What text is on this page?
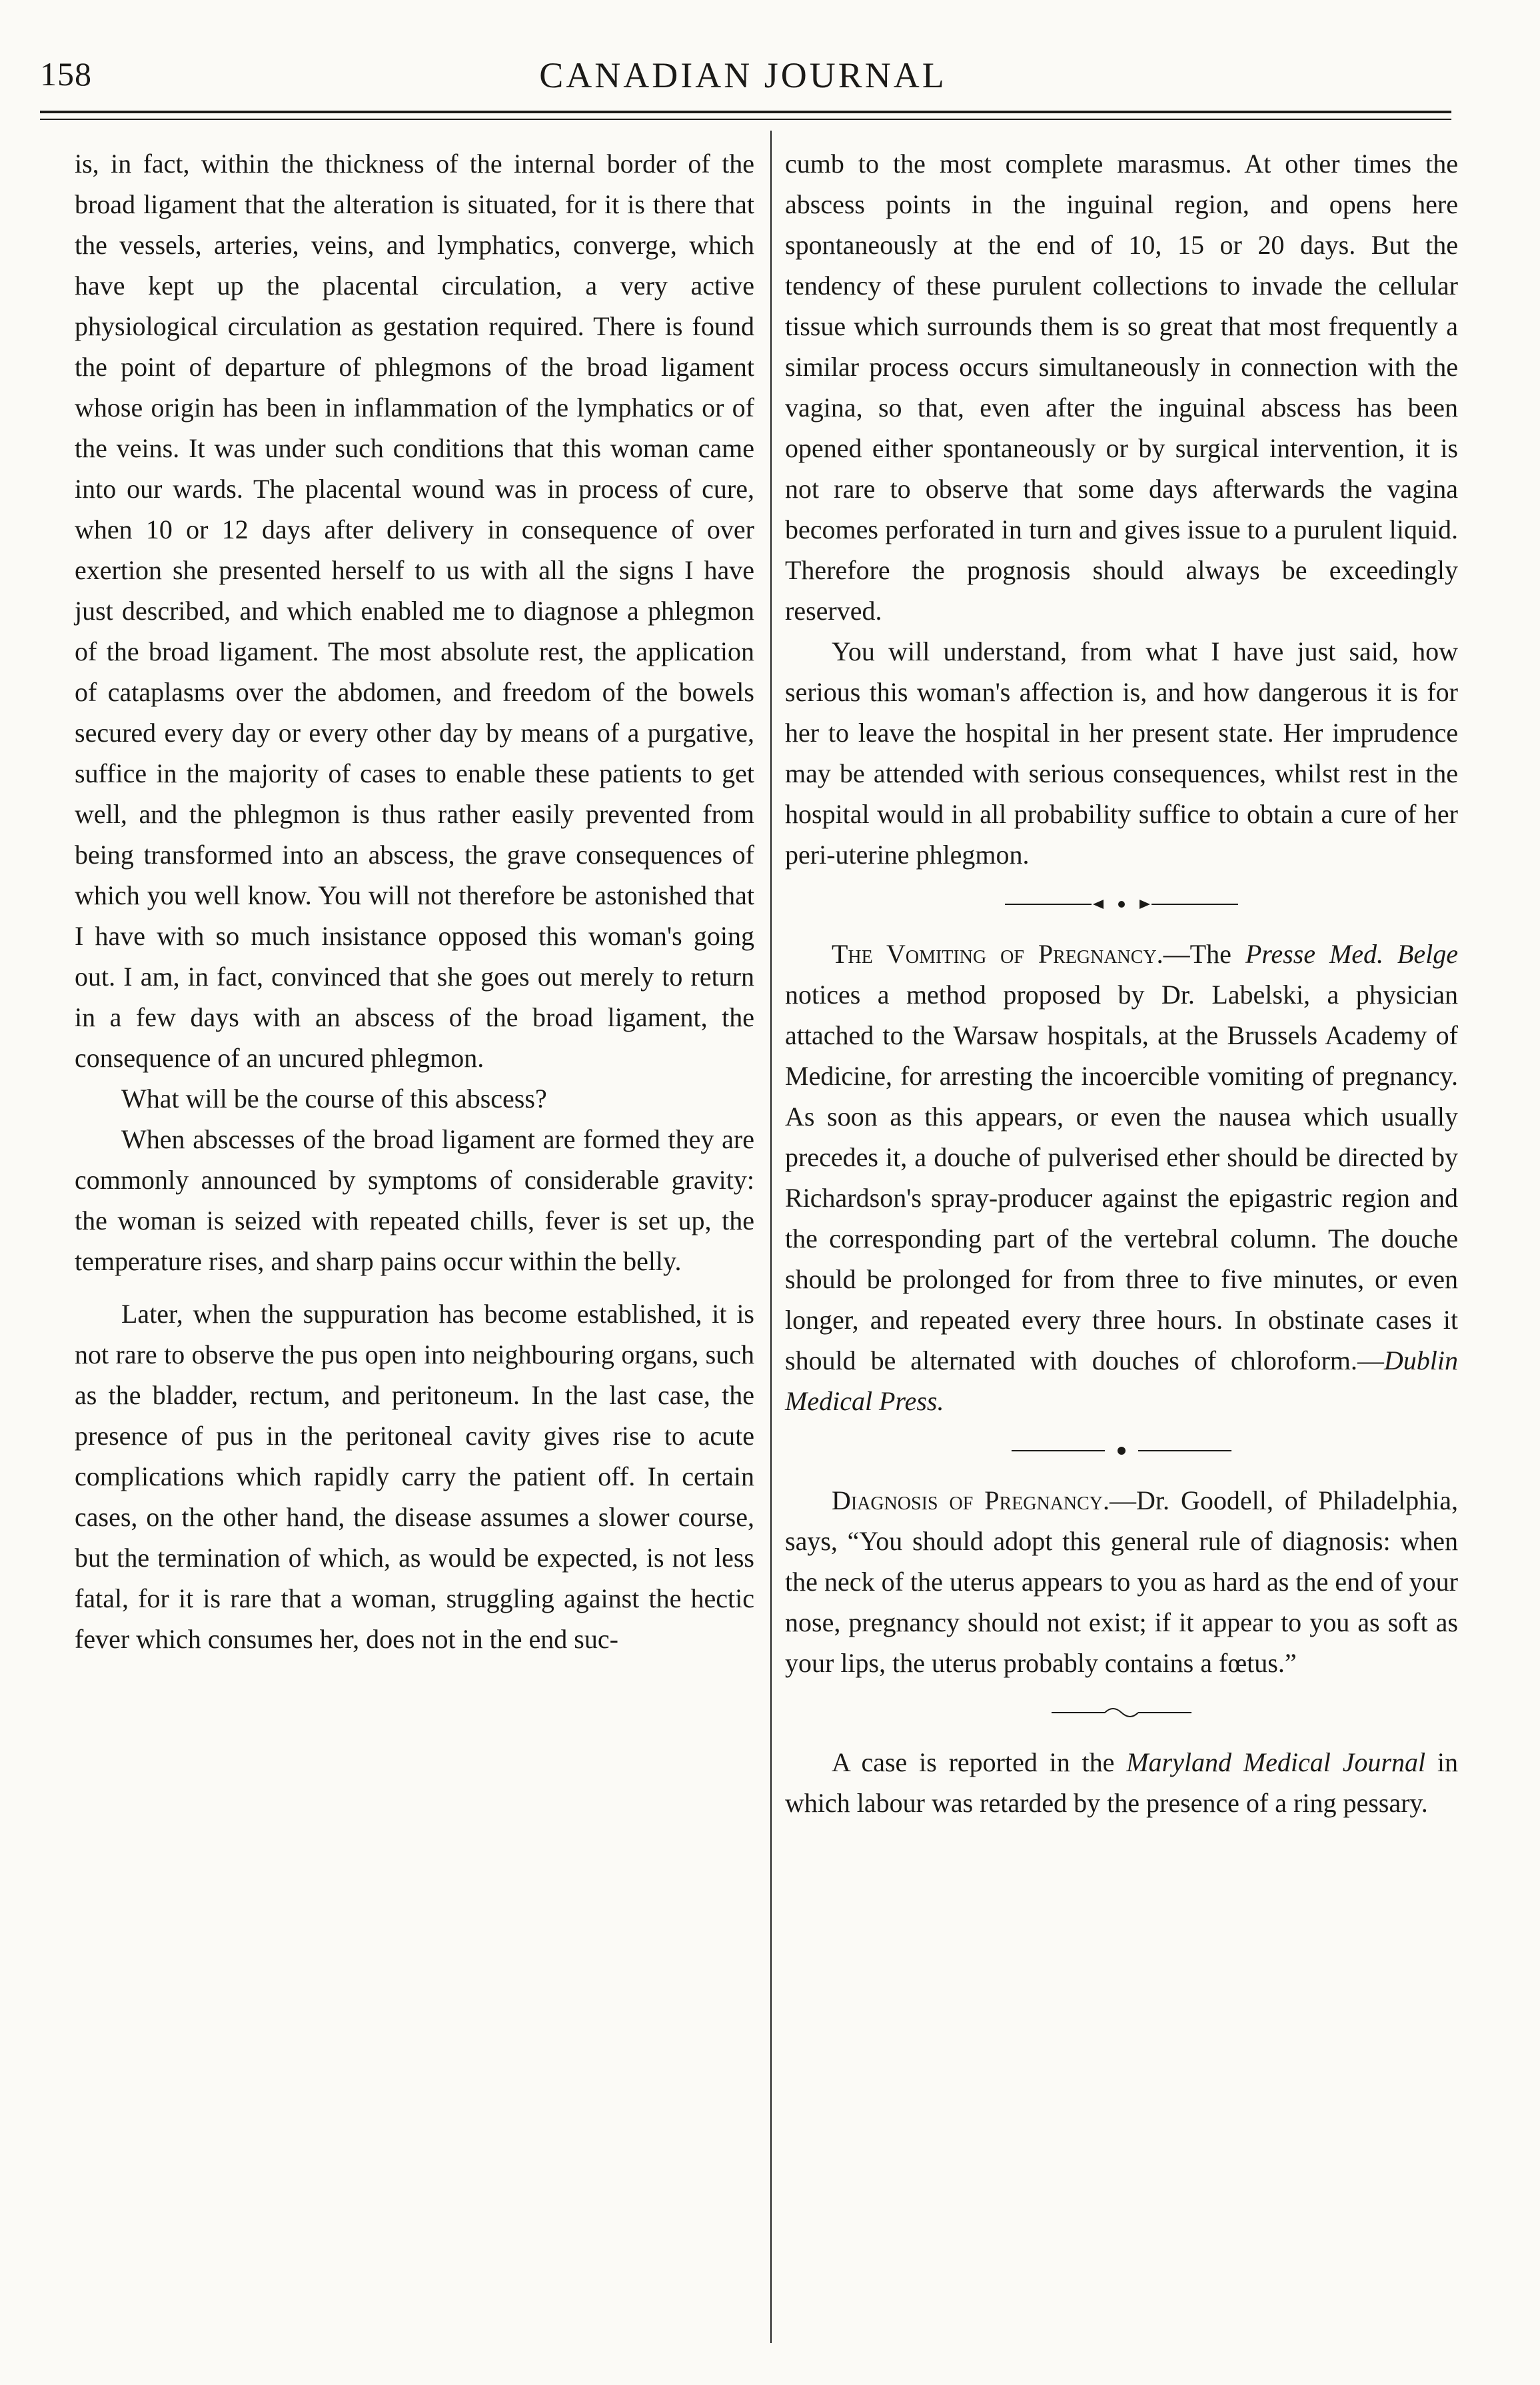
158	CANADIAN JOURNAL

is, in fact, within the thickness of the internal border of the broad ligament that the alteration is situated, for it is there that the vessels, arteries, veins, and lymphatics, converge, which have kept up the placental circulation, a very active physiological circulation as gestation required. There is found the point of departure of phlegmons of the broad ligament whose origin has been in inflammation of the lymphatics or of the veins. It was under such conditions that this woman came into our wards. The placental wound was in process of cure, when 10 or 12 days after delivery in consequence of over exertion she presented herself to us with all the signs I have just described, and which enabled me to diagnose a phlegmon of the broad ligament. The most absolute rest, the application of cataplasms over the abdomen, and freedom of the bowels secured every day or every other day by means of a purgative, suffice in the majority of cases to enable these patients to get well, and the phlegmon is thus rather easily prevented from being transformed into an abscess, the grave consequences of which you well know. You will not therefore be astonished that I have with so much insistance opposed this woman's going out. I am, in fact, convinced that she goes out merely to return in a few days with an abscess of the broad ligament, the consequence of an uncured phlegmon.

What will be the course of this abscess?

When abscesses of the broad ligament are formed they are commonly announced by symptoms of considerable gravity: the woman is seized with repeated chills, fever is set up, the temperature rises, and sharp pains occur within the belly.

Later, when the suppuration has become established, it is not rare to observe the pus open into neighbouring organs, such as the bladder, rectum, and peritoneum. In the last case, the presence of pus in the peritoneal cavity gives rise to acute complications which rapidly carry the patient off. In certain cases, on the other hand, the disease assumes a slower course, but the termination of which, as would be expected, is not less fatal, for it is rare that a woman, struggling against the hectic fever which consumes her, does not in the end suc-

cumb to the most complete marasmus. At other times the abscess points in the inguinal region, and opens here spontaneously at the end of 10, 15 or 20 days. But the tendency of these purulent collections to invade the cellular tissue which surrounds them is so great that most frequently a similar process occurs simultaneously in connection with the vagina, so that, even after the inguinal abscess has been opened either spontaneously or by surgical intervention, it is not rare to observe that some days afterwards the vagina becomes perforated in turn and gives issue to a purulent liquid. Therefore the prognosis should always be exceedingly reserved.

You will understand, from what I have just said, how serious this woman's affection is, and how dangerous it is for her to leave the hospital in her present state. Her imprudence may be attended with serious consequences, whilst rest in the hospital would in all probability suffice to obtain a cure of her peri-uterine phlegmon.

The Vomiting of Pregnancy.—The Presse Med. Belge notices a method proposed by Dr. Labelski, a physician attached to the Warsaw hospitals, at the Brussels Academy of Medicine, for arresting the incoercible vomiting of pregnancy. As soon as this appears, or even the nausea which usually precedes it, a douche of pulverised ether should be directed by Richardson's spray-producer against the epigastric region and the corresponding part of the vertebral column. The douche should be prolonged for from three to five minutes, or even longer, and repeated every three hours. In obstinate cases it should be alternated with douches of chloroform.—Dublin Medical Press.

Diagnosis of Pregnancy.—Dr. Goodell, of Philadelphia, says, “You should adopt this general rule of diagnosis: when the neck of the uterus appears to you as hard as the end of your nose, pregnancy should not exist; if it appear to you as soft as your lips, the uterus probably contains a fœtus.”

A case is reported in the Maryland Medical Journal in which labour was retarded by the presence of a ring pessary.
